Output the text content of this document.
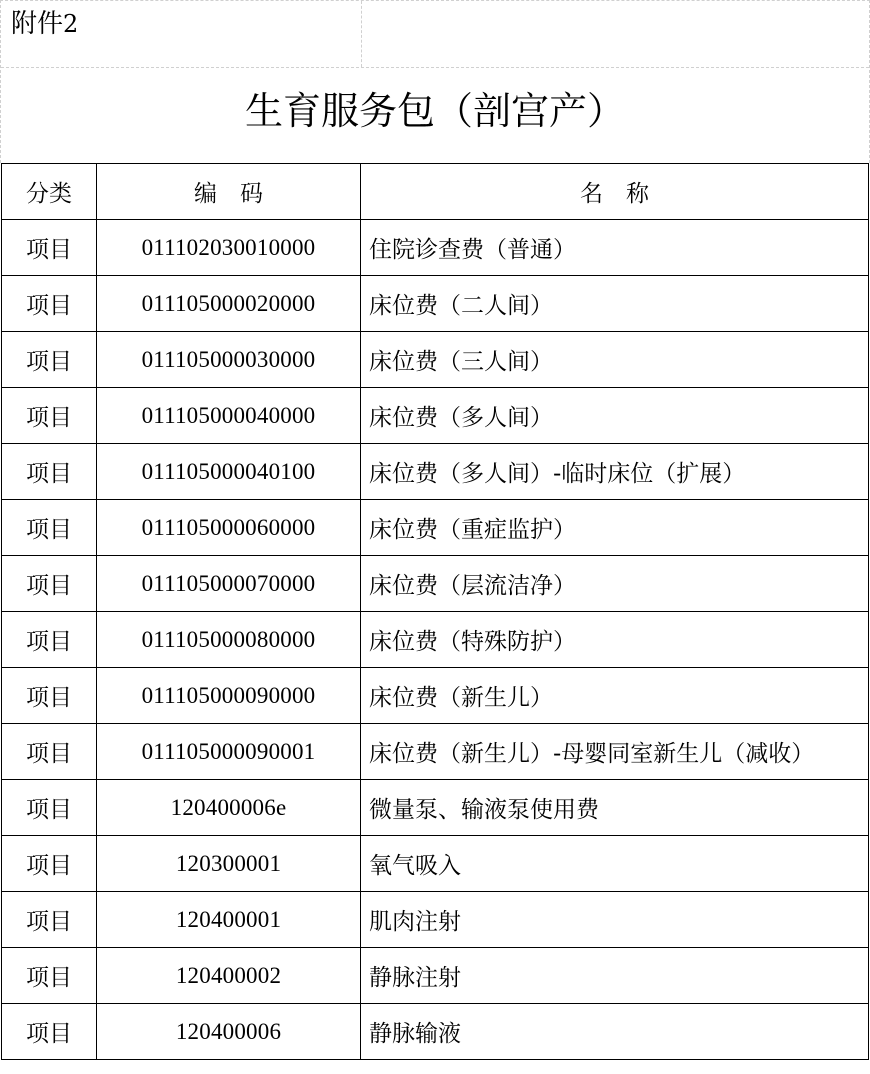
附件2
生育服务包（剖宫产）
分类	编　码	名　称
项目	011102030010000	住院诊查费（普通）
项目	011105000020000	床位费（二人间）
项目	011105000030000	床位费（三人间）
项目	011105000040000	床位费（多人间）
项目	011105000040100	床位费（多人间）-临时床位（扩展）
项目	011105000060000	床位费（重症监护）
项目	011105000070000	床位费（层流洁净）
项目	011105000080000	床位费（特殊防护）
项目	011105000090000	床位费（新生儿）
项目	011105000090001	床位费（新生儿）-母婴同室新生儿（减收）
项目	120400006e	微量泵、输液泵使用费
项目	120300001	氧气吸入
项目	120400001	肌肉注射
项目	120400002	静脉注射
项目	120400006	静脉输液
